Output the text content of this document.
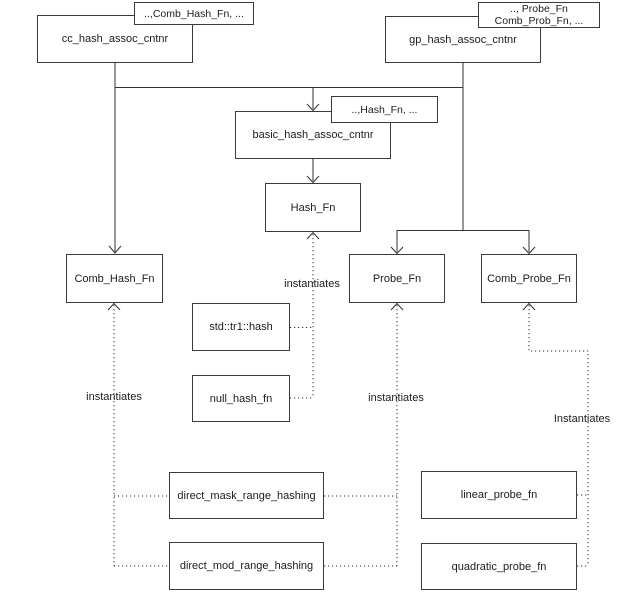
cc_hash_assoc_cntnr
..,Comb_Hash_Fn, ...
gp_hash_assoc_cntnr
.., Probe_Fn
Comb_Prob_Fn, ...
basic_hash_assoc_cntnr
..,Hash_Fn, ...
Hash_Fn
Comb_Hash_Fn	Probe_Fn	Comb_Probe_Fn
std::tr1::hash
null_hash_fn
direct_mask_range_hashing
direct_mod_range_hashing
linear_probe_fn
quadratic_probe_fn
instantiates
instantiates
instantiates
Instantiates
